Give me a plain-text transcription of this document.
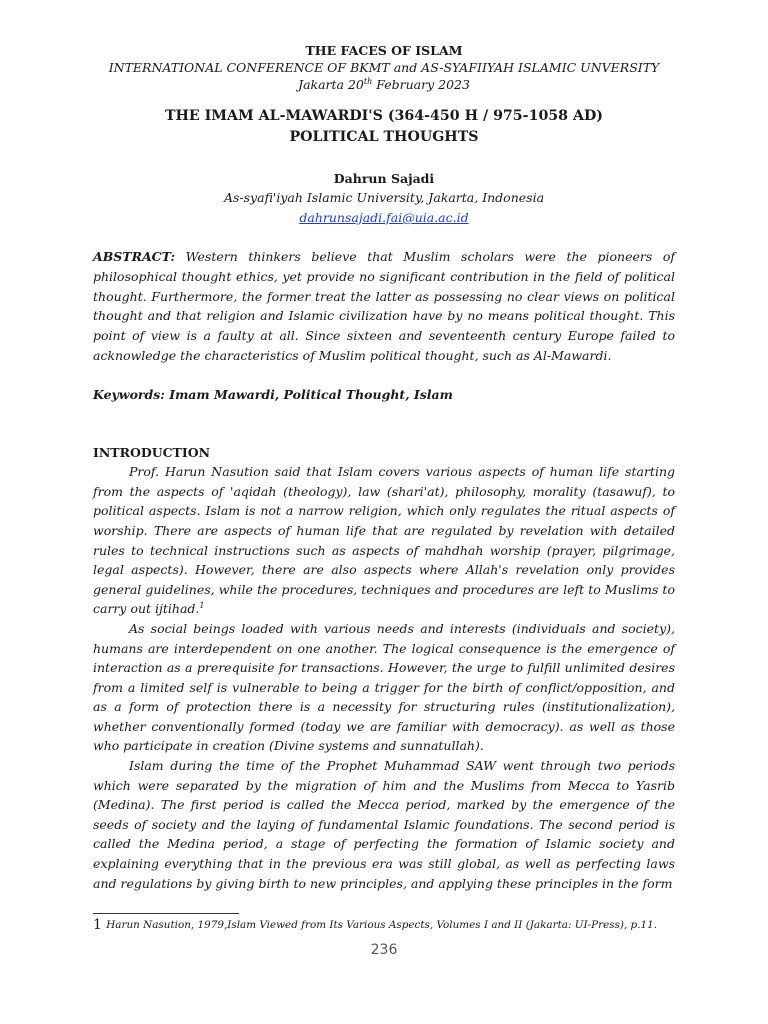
THE FACES OF ISLAM
INTERNATIONAL CONFERENCE OF BKMT and AS-SYAFIIYAH ISLAMIC UNVERSITY
Jakarta 20th February 2023
THE IMAM AL-MAWARDI'S (364-450 H / 975-1058 AD)
POLITICAL THOUGHTS
Dahrun Sajadi
As-syafi'iyah Islamic University, Jakarta, Indonesia
dahrunsajadi.fai@uia.ac.id
ABSTRACT: Western thinkers believe that Muslim scholars were the pioneers of philosophical thought ethics, yet provide no significant contribution in the field of political thought. Furthermore, the former treat the latter as possessing no clear views on political thought and that religion and Islamic civilization have by no means political thought. This point of view is a faulty at all. Since sixteen and seventeenth century Europe failed to acknowledge the characteristics of Muslim political thought, such as Al-Mawardi.
Keywords: Imam Mawardi, Political Thought, Islam
INTRODUCTION

Prof. Harun Nasution said that Islam covers various aspects of human life starting from the aspects of 'aqidah (theology), law (shari'at), philosophy, morality (tasawuf), to political aspects. Islam is not a narrow religion, which only regulates the ritual aspects of worship. There are aspects of human life that are regulated by revelation with detailed rules to technical instructions such as aspects of mahdhah worship (prayer, pilgrimage, legal aspects). However, there are also aspects where Allah's revelation only provides general guidelines, while the procedures, techniques and procedures are left to Muslims to carry out ijtihad.$^1$

As social beings loaded with various needs and interests (individuals and society), humans are interdependent on one another. The logical consequence is the emergence of interaction as a prerequisite for transactions. However, the urge to fulfill unlimited desires from a limited self is vulnerable to being a trigger for the birth of conflict/opposition, and as a form of protection there is a necessity for structuring rules (institutionalization), whether conventionally formed (today we are familiar with democracy). as well as those who participate in creation (Divine systems and sunnatullah).

Islam during the time of the Prophet Muhammad SAW went through two periods which were separated by the migration of him and the Muslims from Mecca to Yasrib (Medina). The first period is called the Mecca period, marked by the emergence of the seeds of society and the laying of fundamental Islamic foundations. The second period is called the Medina period, a stage of perfecting the formation of Islamic society and explaining everything that in the previous era was still global, as well as perfecting laws and regulations by giving birth to new principles, and applying these principles in the form

1 Harun Nasution, 1979,Islam Viewed from Its Various Aspects, Volumes I and II (Jakarta: UI-Press), p.11.
236
